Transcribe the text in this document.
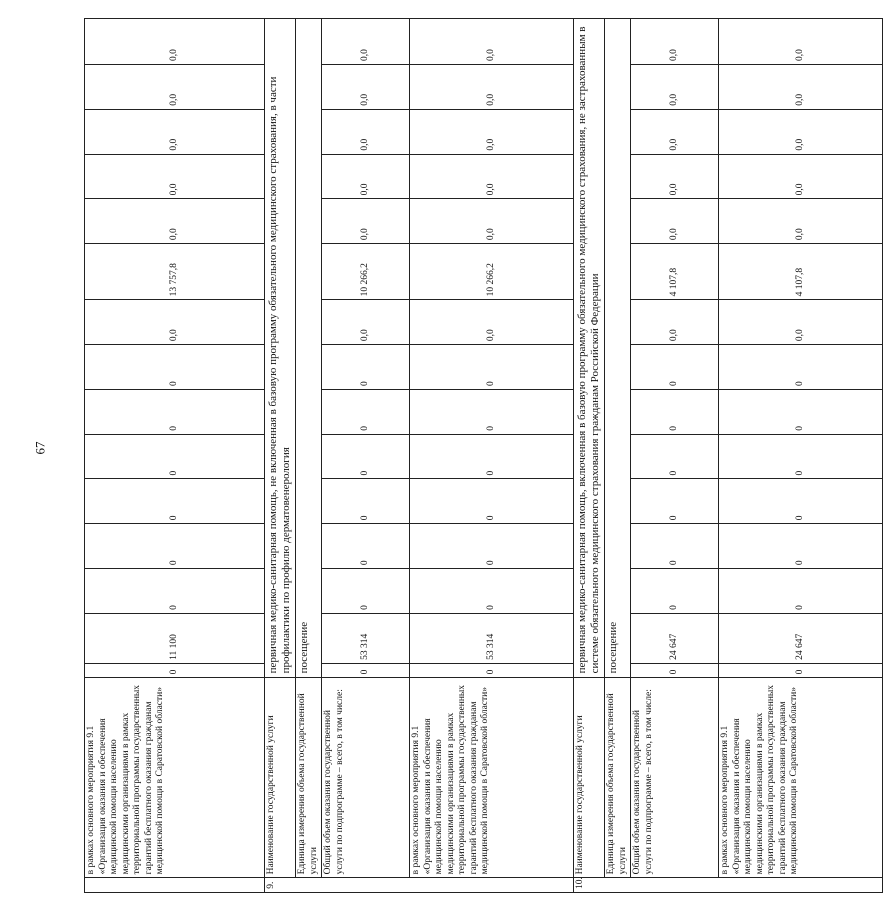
67
	в рамках основного мероприятия 9.1 «Организация оказания и обеспечения медицинской помощи населению медицинскими организациями в рамках территориальной программы государственных гарантий бесплатного оказания гражданам медицинской помощи в Саратовской области»	0	11 100	0	0	0	0	0	0	0,0	13 757,8	0,0	0,0	0,0	0,0	0,0
9.	Наименование государственной услуги	первичная медико-санитарная помощь, не включенная в базовую программу обязательного медицинского страхования, в части профилактики по профилю дерматовенерология														
	Единица измерения объема государственной услуги	посещение														
	Общий объем оказания государственной услуги по подпрограмме – всего, в том числе:	0	53 314	0	0	0	0	0	0	0,0	10 266,2	0,0	0,0	0,0	0,0	0,0
	в рамках основного мероприятия 9.1 «Организация оказания и обеспечения медицинской помощи населению медицинскими организациями в рамках территориальной программы государственных гарантий бесплатного оказания гражданам медицинской помощи в Саратовской области»	0	53 314	0	0	0	0	0	0	0,0	10 266,2	0,0	0,0	0,0	0,0	0,0
10.	Наименование государственной услуги	первичная медико-санитарная помощь, включенная в базовую программу обязательного медицинского страхования, не застрахованным в системе обязательного медицинского страхования гражданам Российской Федерации														
	Единица измерения объема государственной услуги	посещение														
	Общий объем оказания государственной услуги по подпрограмме – всего, в том числе:	0	24 647	0	0	0	0	0	0	0,0	4 107,8	0,0	0,0	0,0	0,0	0,0
	в рамках основного мероприятия 9.1 «Организация оказания и обеспечения медицинской помощи населению медицинскими организациями в рамках территориальной программы государственных гарантий бесплатного оказания гражданам медицинской помощи в Саратовской области»	0	24 647	0	0	0	0	0	0	0,0	4 107,8	0,0	0,0	0,0	0,0	0,0
